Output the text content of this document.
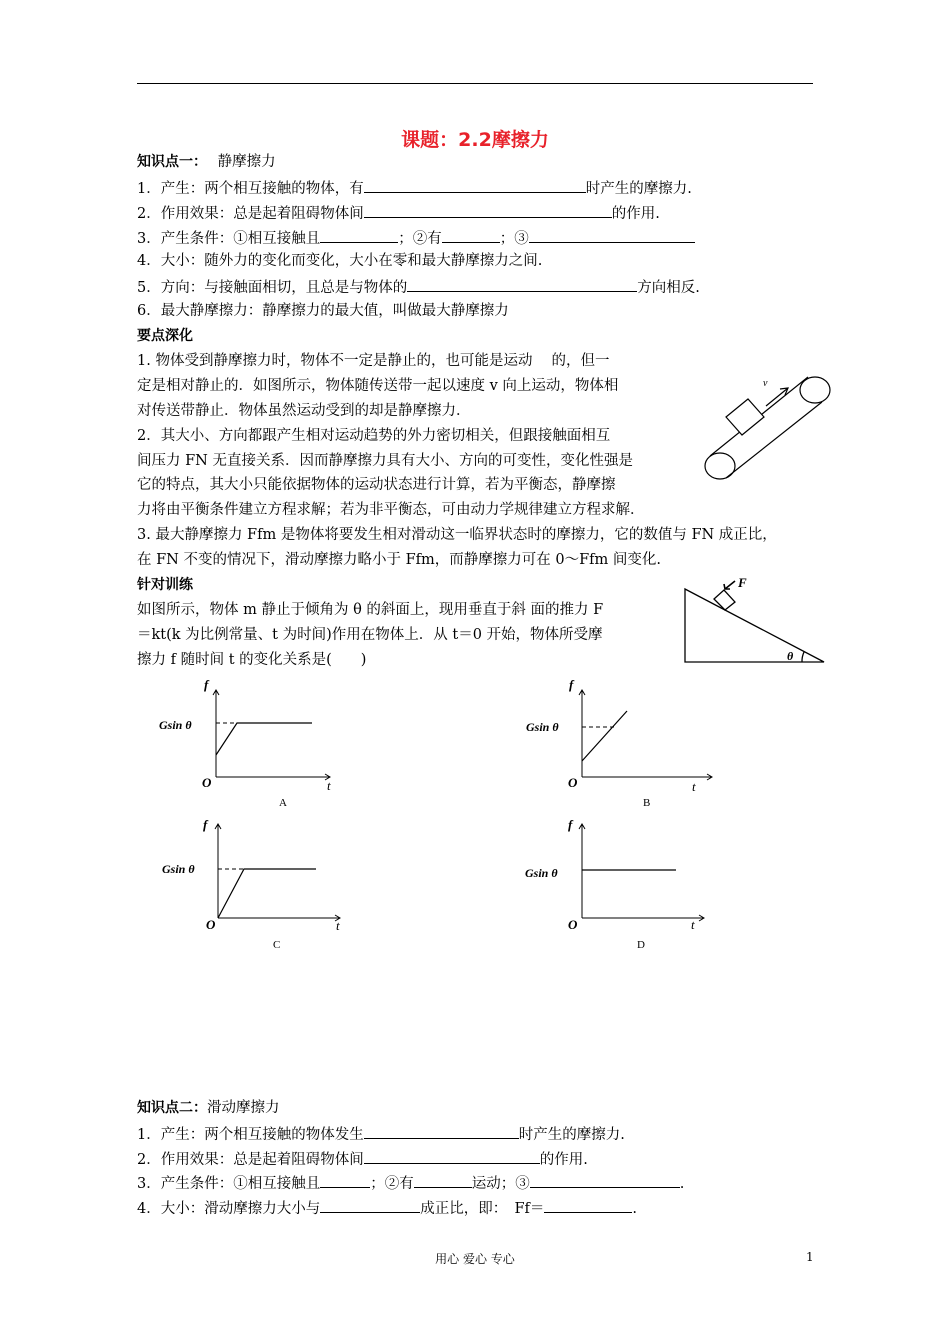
课题：2.2摩擦力
知识点一： 静摩擦力
1．产生：两个相互接触的物体，有	时产生的摩擦力.
2．作用效果：总是起着阻碍物体间	的作用.
3．产生条件：①相互接触且	；②有	；③
4．大小：随外力的变化而变化，大小在零和最大静摩擦力之间.
5．方向：与接触面相切，且总是与物体的	方向相反.
6．最大静摩擦力：静摩擦力的最大值，叫做最大静摩擦力
要点深化
1. 物体受到静摩擦力时，物体不一定是静止的，也可能是运动　 的，但一
定是相对静止的．如图所示，物体随传送带一起以速度 v 向上运动，物体相
对传送带静止．物体虽然运动受到的却是静摩擦力．
2．其大小、方向都跟产生相对运动趋势的外力密切相关，但跟接触面相互
间压力 FN 无直接关系．因而静摩擦力具有大小、方向的可变性，变化性强是
它的特点，其大小只能依据物体的运动状态进行计算，若为平衡态，静摩擦
力将由平衡条件建立方程求解；若为非平衡态，可由动力学规律建立方程求解．
3. 最大静摩擦力 Ffm 是物体将要发生相对滑动这一临界状态时的摩擦力，它的数值与 FN 成正比，
在 FN 不变的情况下，滑动摩擦力略小于 Ffm，而静摩擦力可在 0～Ffm 间变化.
v
针对训练
如图所示，物体 m 静止于倾角为 θ 的斜面上，现用垂直于斜 面的推力 F
＝kt(k 为比例常量、t 为时间)作用在物体上．从 t＝0 开始，物体所受摩
擦力 f 随时间 t 的变化关系是(　　)
F
θ
f
t
O
Gsin θ
A
f
t
O
Gsin θ
B
f
t
O
Gsin θ
C
f
t
O
Gsin θ
D
知识点二：滑动摩擦力
1．产生：两个相互接触的物体发生	时产生的摩擦力.
2．作用效果：总是起着阻碍物体间	的作用.
3．产生条件：①相互接触且	；②有	运动；③	.
4．大小：滑动摩擦力大小与	成正比，即：　Ff＝	.
用心 爱心 专心	1
